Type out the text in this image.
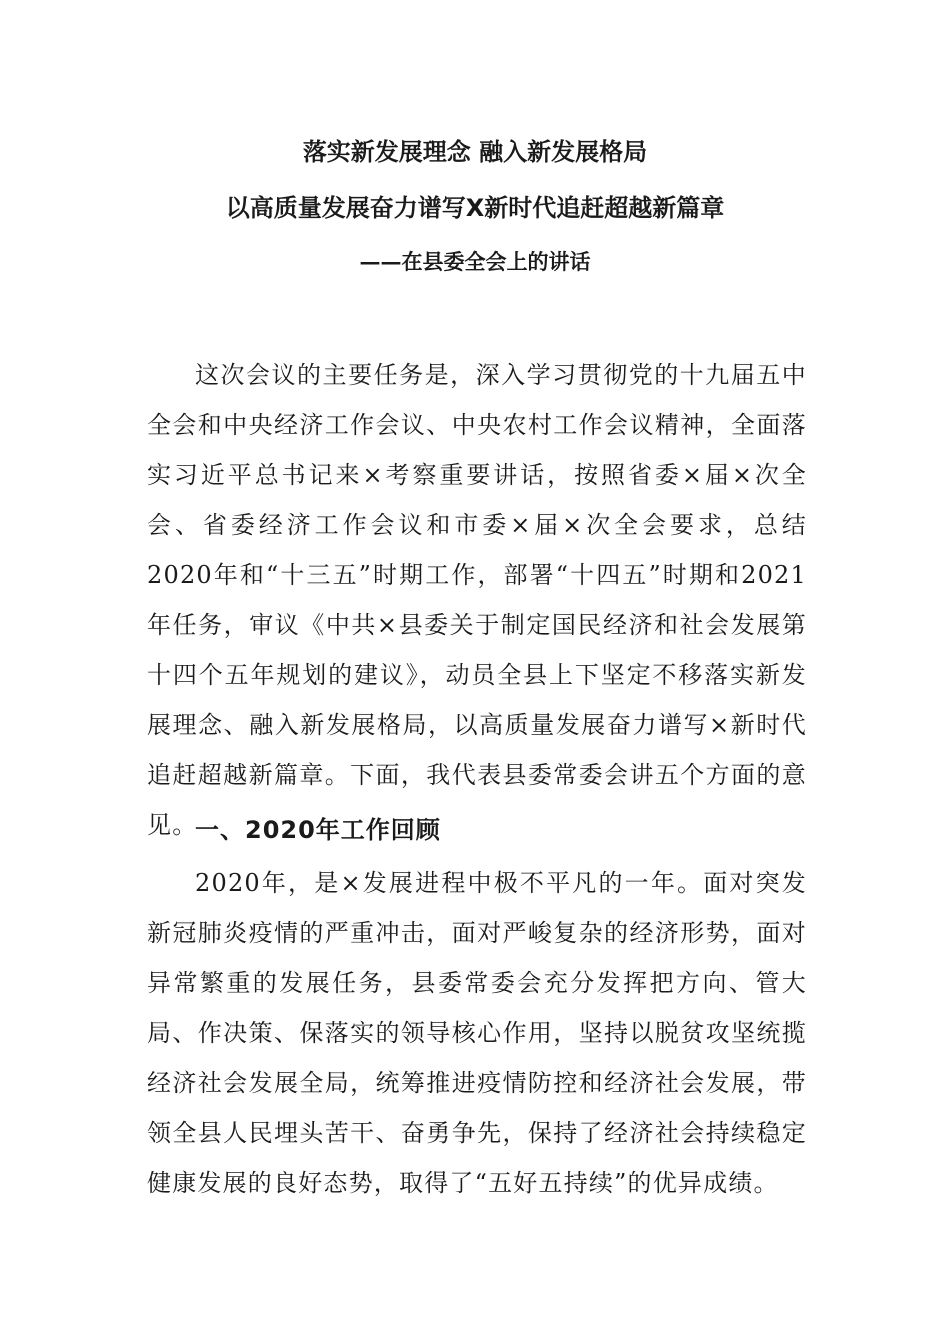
落实新发展理念 融入新发展格局
以高质量发展奋力谱写X新时代追赶超越新篇章
——在县委全会上的讲话

这次会议的主要任务是，深入学习贯彻党的十九届五中全会和中央经济工作会议、中央农村工作会议精神，全面落实习近平总书记来×考察重要讲话，按照省委×届×次全会、省委经济工作会议和市委×届×次全会要求，总结2020年和“十三五”时期工作，部署“十四五”时期和2021年任务，审议《中共×县委关于制定国民经济和社会发展第十四个五年规划的建议》，动员全县上下坚定不移落实新发展理念、融入新发展格局，以高质量发展奋力谱写×新时代追赶超越新篇章。下面，我代表县委常委会讲五个方面的意见。

一、2020年工作回顾

2020年，是×发展进程中极不平凡的一年。面对突发新冠肺炎疫情的严重冲击，面对严峻复杂的经济形势，面对异常繁重的发展任务，县委常委会充分发挥把方向、管大局、作决策、保落实的领导核心作用，坚持以脱贫攻坚统揽经济社会发展全局，统筹推进疫情防控和经济社会发展，带领全县人民埋头苦干、奋勇争先，保持了经济社会持续稳定健康发展的良好态势，取得了“五好五持续”的优异成绩。
